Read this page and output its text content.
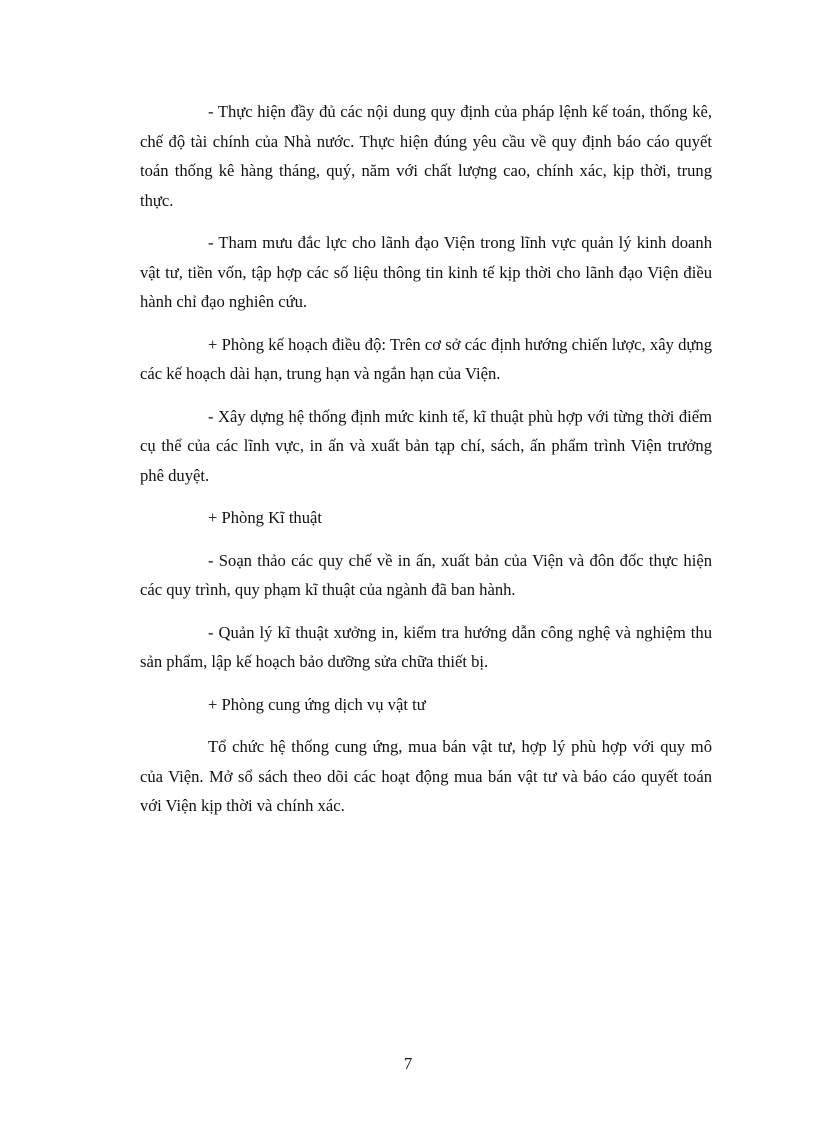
- Thực hiện đầy đủ các nội dung quy định của pháp lệnh kế toán, thống kê, chế độ tài chính của Nhà nước. Thực hiện đúng yêu cầu về quy định báo cáo quyết toán thống kê hàng tháng, quý, năm với chất lượng cao, chính xác, kịp thời, trung thực.

- Tham mưu đắc lực cho lãnh đạo Viện trong lĩnh vực quản lý kinh doanh vật tư, tiền vốn, tập hợp các số liệu thông tin kinh tế kịp thời cho lãnh đạo Viện điều hành chỉ đạo nghiên cứu.

+ Phòng kế hoạch điều độ: Trên cơ sở các định hướng chiến lược, xây dựng các kế hoạch dài hạn, trung hạn và ngắn hạn của Viện.

- Xây dựng hệ thống định mức kinh tế, kĩ thuật phù hợp với từng thời điểm cụ thể của các lĩnh vực, in ấn và xuất bản tạp chí, sách, ấn phẩm trình Viện trưởng phê duyệt.

+ Phòng Kĩ thuật

- Soạn thảo các quy chế về in ấn, xuất bản của Viện và đôn đốc thực hiện các quy trình, quy phạm kĩ thuật của ngành đã ban hành.

- Quản lý kĩ thuật xưởng in, kiểm tra hướng dẫn công nghệ và nghiệm thu sản phẩm, lập kế hoạch bảo dưỡng sửa chữa thiết bị.

+ Phòng cung ứng dịch vụ vật tư

Tổ chức hệ thống cung ứng, mua bán vật tư, hợp lý phù hợp với quy mô của Viện. Mở sổ sách theo dõi các hoạt động mua bán vật tư và báo cáo quyết toán với Viện kịp thời và chính xác.

7
